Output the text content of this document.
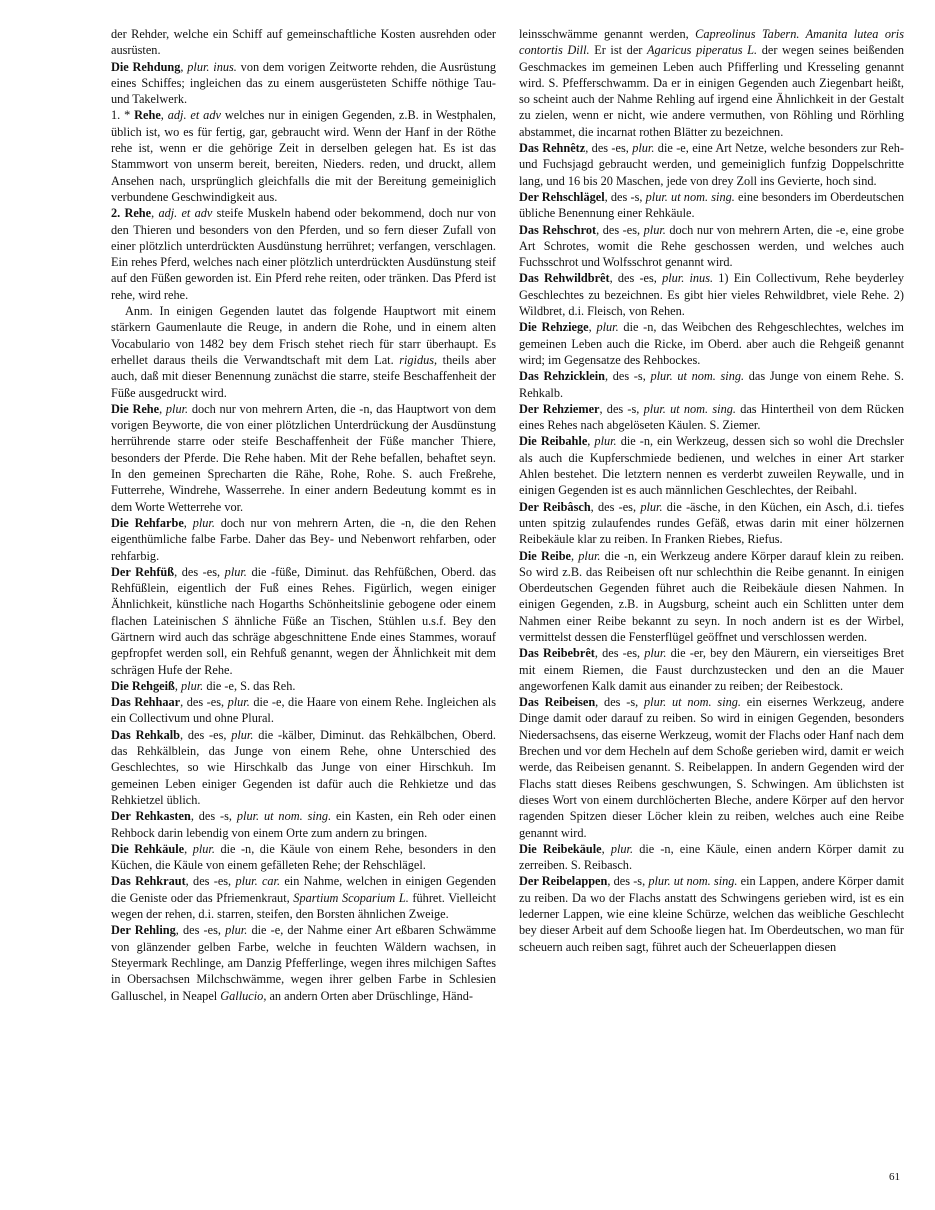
der Rehder, welche ein Schiff auf gemeinschaftliche Kosten ausrehden oder ausrüsten.

Die Rehdung, plur. inus. von dem vorigen Zeitworte rehden, die Ausrüstung eines Schiffes; ingleichen das zu einem ausgerüsteten Schiffe nöthige Tau- und Takelwerk.

1. * Rehe, adj. et adv welches nur in einigen Gegenden, z.B. in Westphalen, üblich ist, wo es für fertig, gar, gebraucht wird. Wenn der Hanf in der Röthe rehe ist, wenn er die gehörige Zeit in derselben gelegen hat. Es ist das Stammwort von unserm bereit, bereiten, Nieders. reden, und druckt, allem Ansehen nach, ursprünglich gleichfalls die mit der Bereitung gemeiniglich verbundene Geschwindigkeit aus.

2. Rehe, adj. et adv steife Muskeln habend oder bekommend, doch nur von den Thieren und besonders von den Pferden, und so fern dieser Zufall von einer plötzlich unterdrückten Ausdünstung herrühret; verfangen, verschlagen. Ein rehes Pferd, welches nach einer plötzlich unterdrückten Ausdünstung steif auf den Füßen geworden ist. Ein Pferd rehe reiten, oder tränken. Das Pferd ist rehe, wird rehe.

Anm. In einigen Gegenden lautet das folgende Hauptwort mit einem stärkern Gaumenlaute die Reuge, in andern die Rohe, und in einem alten Vocabulario von 1482 bey dem Frisch stehet riech für starr überhaupt. Es erhellet daraus theils die Verwandtschaft mit dem Lat. rigidus, theils aber auch, daß mit dieser Benennung zunächst die starre, steife Beschaffenheit der Füße ausgedruckt wird.

Die Rehe, plur. doch nur von mehrern Arten, die -n, das Hauptwort von dem vorigen Beyworte, die von einer plötzlichen Unterdrückung der Ausdünstung herrührende starre oder steife Beschaffenheit der Füße mancher Thiere, besonders der Pferde. Die Rehe haben. Mit der Rehe befallen, behaftet seyn. In den gemeinen Sprecharten die Rähe, Rohe, Rohe. S. auch Freßrehe, Futterrehe, Windrehe, Wasserrehe. In einer andern Bedeutung kommt es in dem Worte Wetterrehe vor.

Die Rehfarbe, plur. doch nur von mehrern Arten, die -n, die den Rehen eigenthümliche falbe Farbe. Daher das Bey- und Nebenwort rehfarben, oder rehfarbig.

Der Rehfüß, des -es, plur. die -füße, Diminut. das Rehfüßchen, Oberd. das Rehfüßlein, eigentlich der Fuß eines Rehes. Figürlich, wegen einiger Ähnlichkeit, künstliche nach Hogarths Schönheitslinie gebogene oder einem flachen Lateinischen S ähnliche Füße an Tischen, Stühlen u.s.f. Bey den Gärtnern wird auch das schräge abgeschnittene Ende eines Stammes, worauf gepfropfet werden soll, ein Rehfuß genannt, wegen der Ähnlichkeit mit dem schrägen Hufe der Rehe.

Die Rehgeiß, plur. die -e, S. das Reh.

Das Rehhaar, des -es, plur. die -e, die Haare von einem Rehe. Ingleichen als ein Collectivum und ohne Plural.

Das Rehkalb, des -es, plur. die -kälber, Diminut. das Rehkälbchen, Oberd. das Rehkälblein, das Junge von einem Rehe, ohne Unterschied des Geschlechtes, so wie Hirschkalb das Junge von einer Hirschkuh. Im gemeinen Leben einiger Gegenden ist dafür auch die Rehkietze und das Rehkietzel üblich.

Der Rehkasten, des -s, plur. ut nom. sing. ein Kasten, ein Reh oder einen Rehbock darin lebendig von einem Orte zum andern zu bringen.

Die Rehkäule, plur. die -n, die Käule von einem Rehe, besonders in den Küchen, die Käule von einem gefälleten Rehe; der Rehschlägel.

Das Rehkraut, des -es, plur. car. ein Nahme, welchen in einigen Gegenden die Geniste oder das Pfriemenkraut, Spartium Scoparium L. führet. Vielleicht wegen der rehen, d.i. starren, steifen, den Borsten ähnlichen Zweige.

Der Rehling, des -es, plur. die -e, der Nahme einer Art eßbaren Schwämme von glänzender gelben Farbe, welche in feuchten Wäldern wachsen, in Steyermark Rechlinge, am Danzig Pfefferlinge, wegen ihres milchigen Saftes in Obersachsen Milchschwämme, wegen ihrer gelben Farbe in Schlesien Galluschel, in Neapel Gallucio, an andern Orten aber Drüschlinge, Händ-

leinsschwämme genannt werden, Capreolinus Tabern. Amanita lutea oris contortis Dill. Er ist der Agaricus piperatus L. der wegen seines beißenden Geschmackes im gemeinen Leben auch Pfifferling und Kresseling genannt wird. S. Pfefferschwamm. Da er in einigen Gegenden auch Ziegenbart heißt, so scheint auch der Nahme Rehling auf irgend eine Ähnlichkeit in der Gestalt zu zielen, wenn er nicht, wie andere vermuthen, von Röhling und Rörhling abstammet, die incarnat rothen Blätter zu bezeichnen.

Das Rehnêtz, des -es, plur. die -e, eine Art Netze, welche besonders zur Reh- und Fuchsjagd gebraucht werden, und gemeiniglich funfzig Doppelschritte lang, und 16 bis 20 Maschen, jede von drey Zoll ins Gevierte, hoch sind.

Der Rehschlägel, des -s, plur. ut nom. sing. eine besonders im Oberdeutschen übliche Benennung einer Rehkäule.

Das Rehschrot, des -es, plur. doch nur von mehrern Arten, die -e, eine grobe Art Schrotes, womit die Rehe geschossen werden, und welches auch Fuchsschrot und Wolfsschrot genannt wird.

Das Rehwildbrêt, des -es, plur. inus. 1) Ein Collectivum, Rehe beyderley Geschlechtes zu bezeichnen. Es gibt hier vieles Rehwildbret, viele Rehe. 2) Wildbret, d.i. Fleisch, von Rehen.

Die Rehziege, plur. die -n, das Weibchen des Rehgeschlechtes, welches im gemeinen Leben auch die Ricke, im Oberd. aber auch die Rehgeiß genannt wird; im Gegensatze des Rehbockes.

Das Rehzicklein, des -s, plur. ut nom. sing. das Junge von einem Rehe. S. Rehkalb.

Der Rehziemer, des -s, plur. ut nom. sing. das Hintertheil von dem Rücken eines Rehes nach abgelöseten Käulen. S. Ziemer.

Die Reibahle, plur. die -n, ein Werkzeug, dessen sich so wohl die Drechsler als auch die Kupferschmiede bedienen, und welches in einer Art starker Ahlen bestehet. Die letztern nennen es verderbt zuweilen Reywalle, und in einigen Gegenden ist es auch männlichen Geschlechtes, der Reibahl.

Der Reibâsch, des -es, plur. die -äsche, in den Küchen, ein Asch, d.i. tiefes unten spitzig zulaufendes rundes Gefäß, etwas darin mit einer hölzernen Reibekäule klar zu reiben. In Franken Riebes, Riefus.

Die Reibe, plur. die -n, ein Werkzeug andere Körper darauf klein zu reiben. So wird z.B. das Reibeisen oft nur schlechthin die Reibe genannt. In einigen Oberdeutschen Gegenden führet auch die Reibekäule diesen Nahmen. In einigen Gegenden, z.B. in Augsburg, scheint auch ein Schlitten unter dem Nahmen einer Reibe bekannt zu seyn. In noch andern ist es der Wirbel, vermittelst dessen die Fensterflügel geöffnet und verschlossen werden.

Das Reibebrêt, des -es, plur. die -er, bey den Mäurern, ein vierseitiges Bret mit einem Riemen, die Faust durchzustecken und den an die Mauer angeworfenen Kalk damit aus einander zu reiben; der Reibestock.

Das Reibeisen, des -s, plur. ut nom. sing. ein eisernes Werkzeug, andere Dinge damit oder darauf zu reiben. So wird in einigen Gegenden, besonders Niedersachsens, das eiserne Werkzeug, womit der Flachs oder Hanf nach dem Brechen und vor dem Hecheln auf dem Schoße gerieben wird, damit er weich werde, das Reibeisen genannt. S. Reibelappen. In andern Gegenden wird der Flachs statt dieses Reibens geschwungen, S. Schwingen. Am üblichsten ist dieses Wort von einem durchlöcherten Bleche, andere Körper auf den hervor ragenden Spitzen dieser Löcher klein zu reiben, welches auch eine Reibe genannt wird.

Die Reibekäule, plur. die -n, eine Käule, einen andern Körper damit zu zerreiben. S. Reibasch.

Der Reibelappen, des -s, plur. ut nom. sing. ein Lappen, andere Körper damit zu reiben. Da wo der Flachs anstatt des Schwingens gerieben wird, ist es ein lederner Lappen, wie eine kleine Schürze, welchen das weibliche Geschlecht bey dieser Arbeit auf dem Schooße liegen hat. Im Oberdeutschen, wo man für scheuern auch reiben sagt, führet auch der Scheuerlappen diesen

61
